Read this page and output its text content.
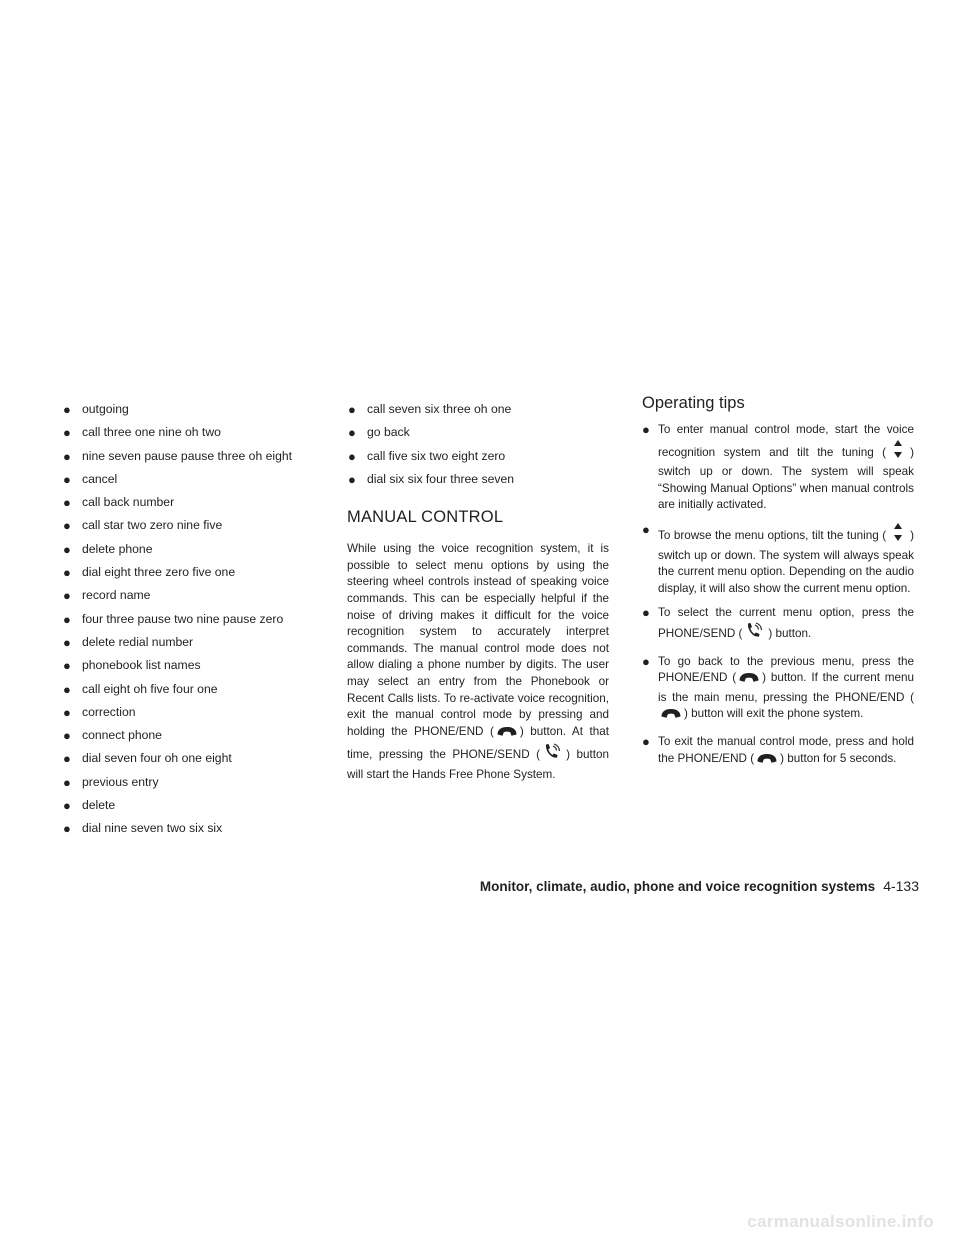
● outgoing
● call three one nine oh two
● nine seven pause pause three oh eight
● cancel
● call back number
● call star two zero nine five
● delete phone
● dial eight three zero five one
● record name
● four three pause two nine pause zero
● delete redial number
● phonebook list names
● call eight oh five four one
● correction
● connect phone
● dial seven four oh one eight
● previous entry
● delete
● dial nine seven two six six
● call seven six three oh one
● go back
● call five six two eight zero
● dial six six four three seven
MANUAL CONTROL

While using the voice recognition system, it is possible to select menu options by using the steering wheel controls instead of speaking voice commands. This can be especially helpful if the noise of driving makes it difficult for the voice recognition system to accurately interpret commands. The manual control mode does not allow dialing a phone number by digits. The user may select an entry from the Phonebook or Recent Calls lists. To re-activate voice recognition, exit the manual control mode by pressing and holding the PHONE/END ( ) button. At that time, pressing the PHONE/SEND ( ) button will start the Hands Free Phone System.

Operating tips
● To enter manual control mode, start the voice recognition system and tilt the tuning ( ) switch up or down. The system will speak “Showing Manual Options” when manual controls are initially activated.
● To browse the menu options, tilt the tuning ( ) switch up or down. The system will always speak the current menu option. Depending on the audio display, it will also show the current menu option.
● To select the current menu option, press the PHONE/SEND ( ) button.
● To go back to the previous menu, press the PHONE/END ( ) button. If the current menu is the main menu, pressing the PHONE/END () button will exit the phone system.
● To exit the manual control mode, press and hold the PHONE/END ( ) button for 5 seconds.
Monitor, climate, audio, phone and voice recognition systems 4-133
carmanualsonline.info
